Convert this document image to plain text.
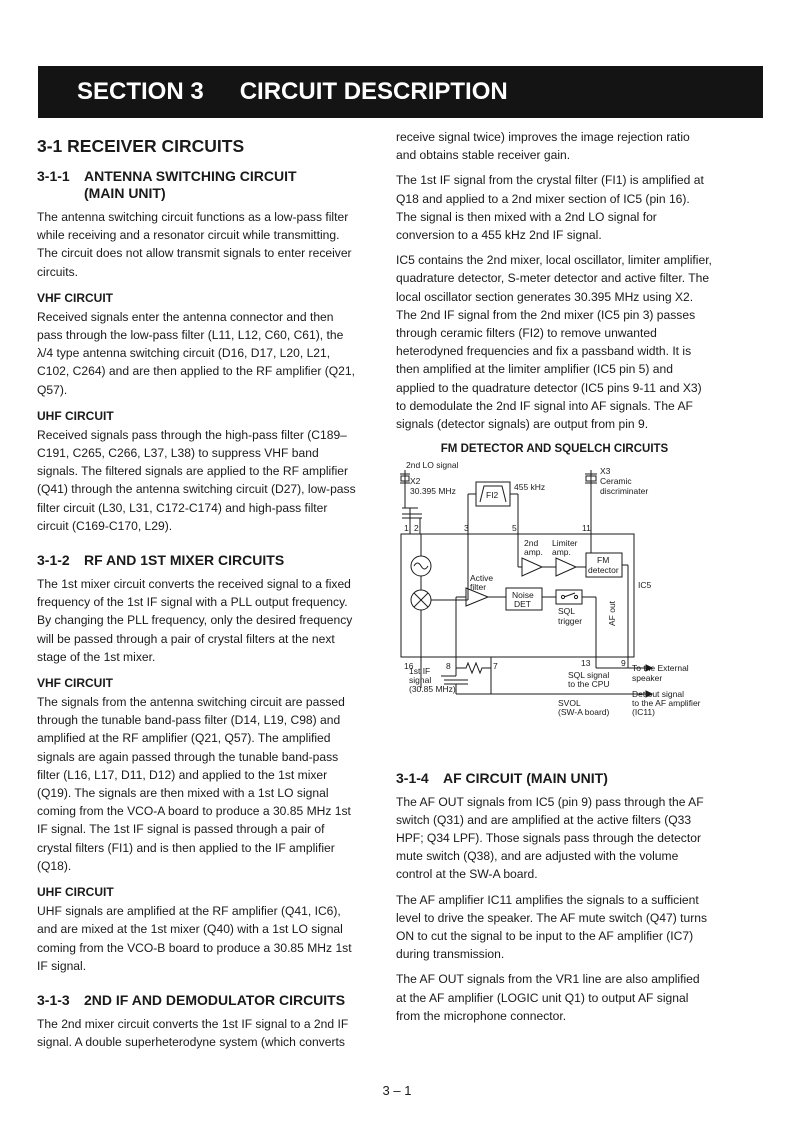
SECTION 3 CIRCUIT DESCRIPTION
3-1 RECEIVER CIRCUITS
3-1-1	ANTENNA SWITCHING CIRCUIT
(MAIN UNIT)

The antenna switching circuit functions as a low-pass filter while receiving and a resonator circuit while transmitting. The circuit does not allow transmit signals to enter receiver circuits.

VHF CIRCUIT

Received signals enter the antenna connector and then pass through the low-pass filter (L11, L12, C60, C61), the λ/4 type antenna switching circuit (D16, D17, L20, L21, C102, C264) and are then applied to the RF amplifier (Q21, Q57).

UHF CIRCUIT

Received signals pass through the high-pass filter (C189–C191, C265, C266, L37, L38) to suppress VHF band signals. The filtered signals are applied to the RF amplifier (Q41) through the antenna switching circuit (D27), low-pass filter circuit (L30, L31, C172-C174) and high-pass filter circuit (C169-C170, L29).

3-1-2	RF AND 1ST MIXER CIRCUITS

The 1st mixer circuit converts the received signal to a fixed frequency of the 1st IF signal with a PLL output frequency. By changing the PLL frequency, only the desired frequency will be passed through a pair of crystal filters at the next stage of the 1st mixer.

VHF CIRCUIT

The signals from the antenna switching circuit are passed through the tunable band-pass filter (D14, L19, C98) and amplified at the RF amplifier (Q21, Q57). The amplified signals are again passed through the tunable band-pass filter (L16, L17, D11, D12) and applied to the 1st mixer (Q19). The signals are then mixed with a 1st LO signal coming from the VCO-A board to produce a 30.85 MHz 1st IF signal. The 1st IF signal is passed through a pair of crystal filters (FI1) and is then applied to the IF amplifier (Q18).

UHF CIRCUIT

UHF signals are amplified at the RF amplifier (Q41, IC6), and are mixed at the 1st mixer (Q40) with a 1st LO signal coming from the VCO-B board to produce a 30.85 MHz 1st IF signal.

3-1-3	2ND IF AND DEMODULATOR CIRCUITS

The 2nd mixer circuit converts the 1st IF signal to a 2nd IF signal. A double superheterodyne system (which converts

receive signal twice) improves the image rejection ratio and obtains stable receiver gain.

The 1st IF signal from the crystal filter (FI1) is amplified at Q18 and applied to a 2nd mixer section of IC5 (pin 16). The signal is then mixed with a 2nd LO signal for conversion to a 455 kHz 2nd IF signal.

IC5 contains the 2nd mixer, local oscillator, limiter amplifier, quadrature detector, S-meter detector and active filter. The local oscillator section generates 30.395 MHz using X2. The 2nd IF signal from the 2nd mixer (IC5 pin 3) passes through ceramic filters (FI2) to remove unwanted heterodyned frequencies and fix a passband width. It is then amplified at the limiter amplifier (IC5 pin 5) and applied to the quadrature detector (IC5 pins 9-11 and X3) to demodulate the 2nd IF signal into AF signals. The AF signals (detector signals) are output from pin 9.

FM DETECTOR AND SQUELCH CIRCUITS
2nd LO signal
X2
30.395 MHz	FI2
455 kHz
X3
Ceramic
discriminater
1 2	3	5	11
2nd Limiter
amp. amp.
FM
detector
Active
filter
Noise
DET
SQL
trigger	AF out
IC5
16	8	7	13	9 To the External
speaker
SQL signal
to the CPU
1st IF
signal
(30.85 MHz)	Det out signal
to the AF amplifier
(IC11)
SVOL
(SW-A board)
3-1-4	AF CIRCUIT (MAIN UNIT)

The AF OUT signals from IC5 (pin 9) pass through the AF switch (Q31) and are amplified at the active filters (Q33 HPF; Q34 LPF). Those signals pass through the detector mute switch (Q38), and are adjusted with the volume control at the SW-A board.

The AF amplifier IC11 amplifies the signals to a sufficient level to drive the speaker. The AF mute switch (Q47) turns ON to cut the signal to be input to the AF amplifier (IC7) during transmission.

The AF OUT signals from the VR1 line are also amplified at the AF amplifier (LOGIC unit Q1) to output AF signal from the microphone connector.

3 – 1
